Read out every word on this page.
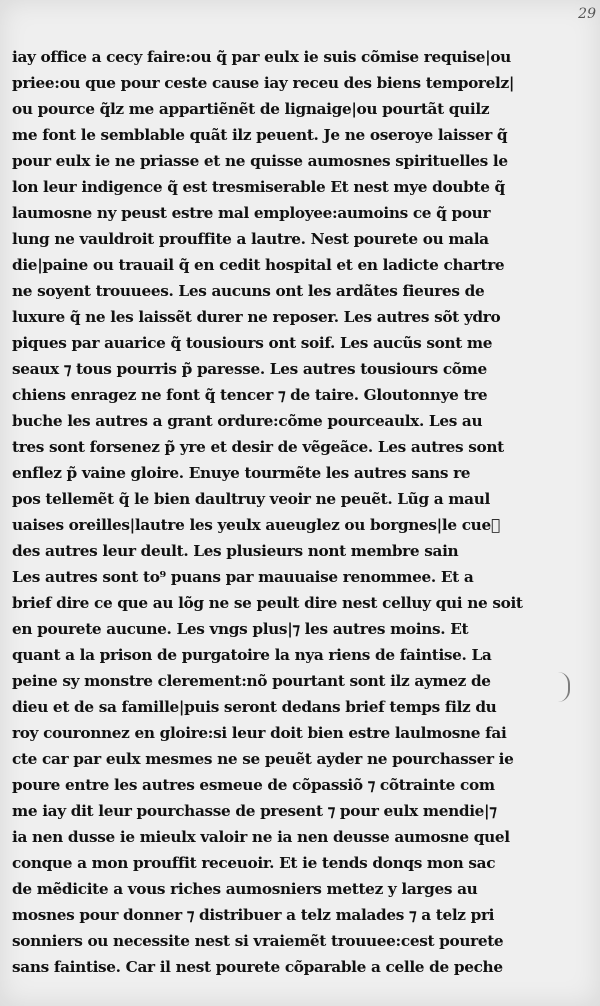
29
iay office a cecy faire:ou q̃ par eulx ie suis cõmise requise|ou
priee:ou que pour ceste cause iay receu des biens temporelz|
ou pource q̃lz me appartiẽnẽt de lignaige|ou pourtãt quilz
me font le semblable quãt ilz peuent. Je ne oseroye laisser q̃
pour eulx ie ne priasse et ne quisse aumosnes spirituelles le
lon leur indigence q̃ est tresmiserable Et nest mye doubte q̃
laumosne ny peust estre mal employee:aumoins ce q̃ pour
lung ne vauldroit prouffite a lautre. Nest pourete ou mala
die|paine ou trauail q̃ en cedit hospital et en ladicte chartre
ne soyent trouuees. Les aucuns ont les ardãtes fieures de
luxure q̃ ne les laissẽt durer ne reposer. Les autres sõt ydro
piques par auarice q̃ tousiours ont soif. Les aucũs sont me
seaux ⁊ tous pourris p̃ paresse. Les autres tousiours cõme
chiens enragez ne font q̃ tencer ⁊ de taire. Gloutonnye tre
buche les autres a grant ordure:cõme pourceaulx. Les au
tres sont forsenez p̃ yre et desir de vẽgeãce. Les autres sont
enflez p̃ vaine gloire. Enuye tourmẽte les autres sans re
pos tellemẽt q̃ le bien daultruy veoir ne peuẽt. Lũg a maul
uaises oreilles|lautre les yeulx aueuglez ou borgnes|le cueᷣ
des autres leur deult. Les plusieurs nont membre sain
Les autres sont to⁹ puans par mauuaise renommee. Et a
brief dire ce que au lõg ne se peult dire nest celluy qui ne soit
en pourete aucune. Les vngs plus|⁊ les autres moins. Et
quant a la prison de purgatoire la nya riens de faintise. La
peine sy monstre clerement:nõ pourtant sont ilz aymez de
dieu et de sa famille|puis seront dedans brief temps filz du
roy couronnez en gloire:si leur doit bien estre laulmosne fai
cte car par eulx mesmes ne se peuẽt ayder ne pourchasser ie
poure entre les autres esmeue de cõpassiõ ⁊ cõtrainte com
me iay dit leur pourchasse de present ⁊ pour eulx mendie|⁊
ia nen dusse ie mieulx valoir ne ia nen deusse aumosne quel
conque a mon prouffit receuoir. Et ie tends donqs mon sac
de mẽdicite a vous riches aumosniers mettez y larges au
mosnes pour donner ⁊ distribuer a telz malades ⁊ a telz pri
sonniers ou necessite nest si vraiemẽt trouuee:cest pourete
sans faintise. Car il nest pourete cõparable a celle de peche
